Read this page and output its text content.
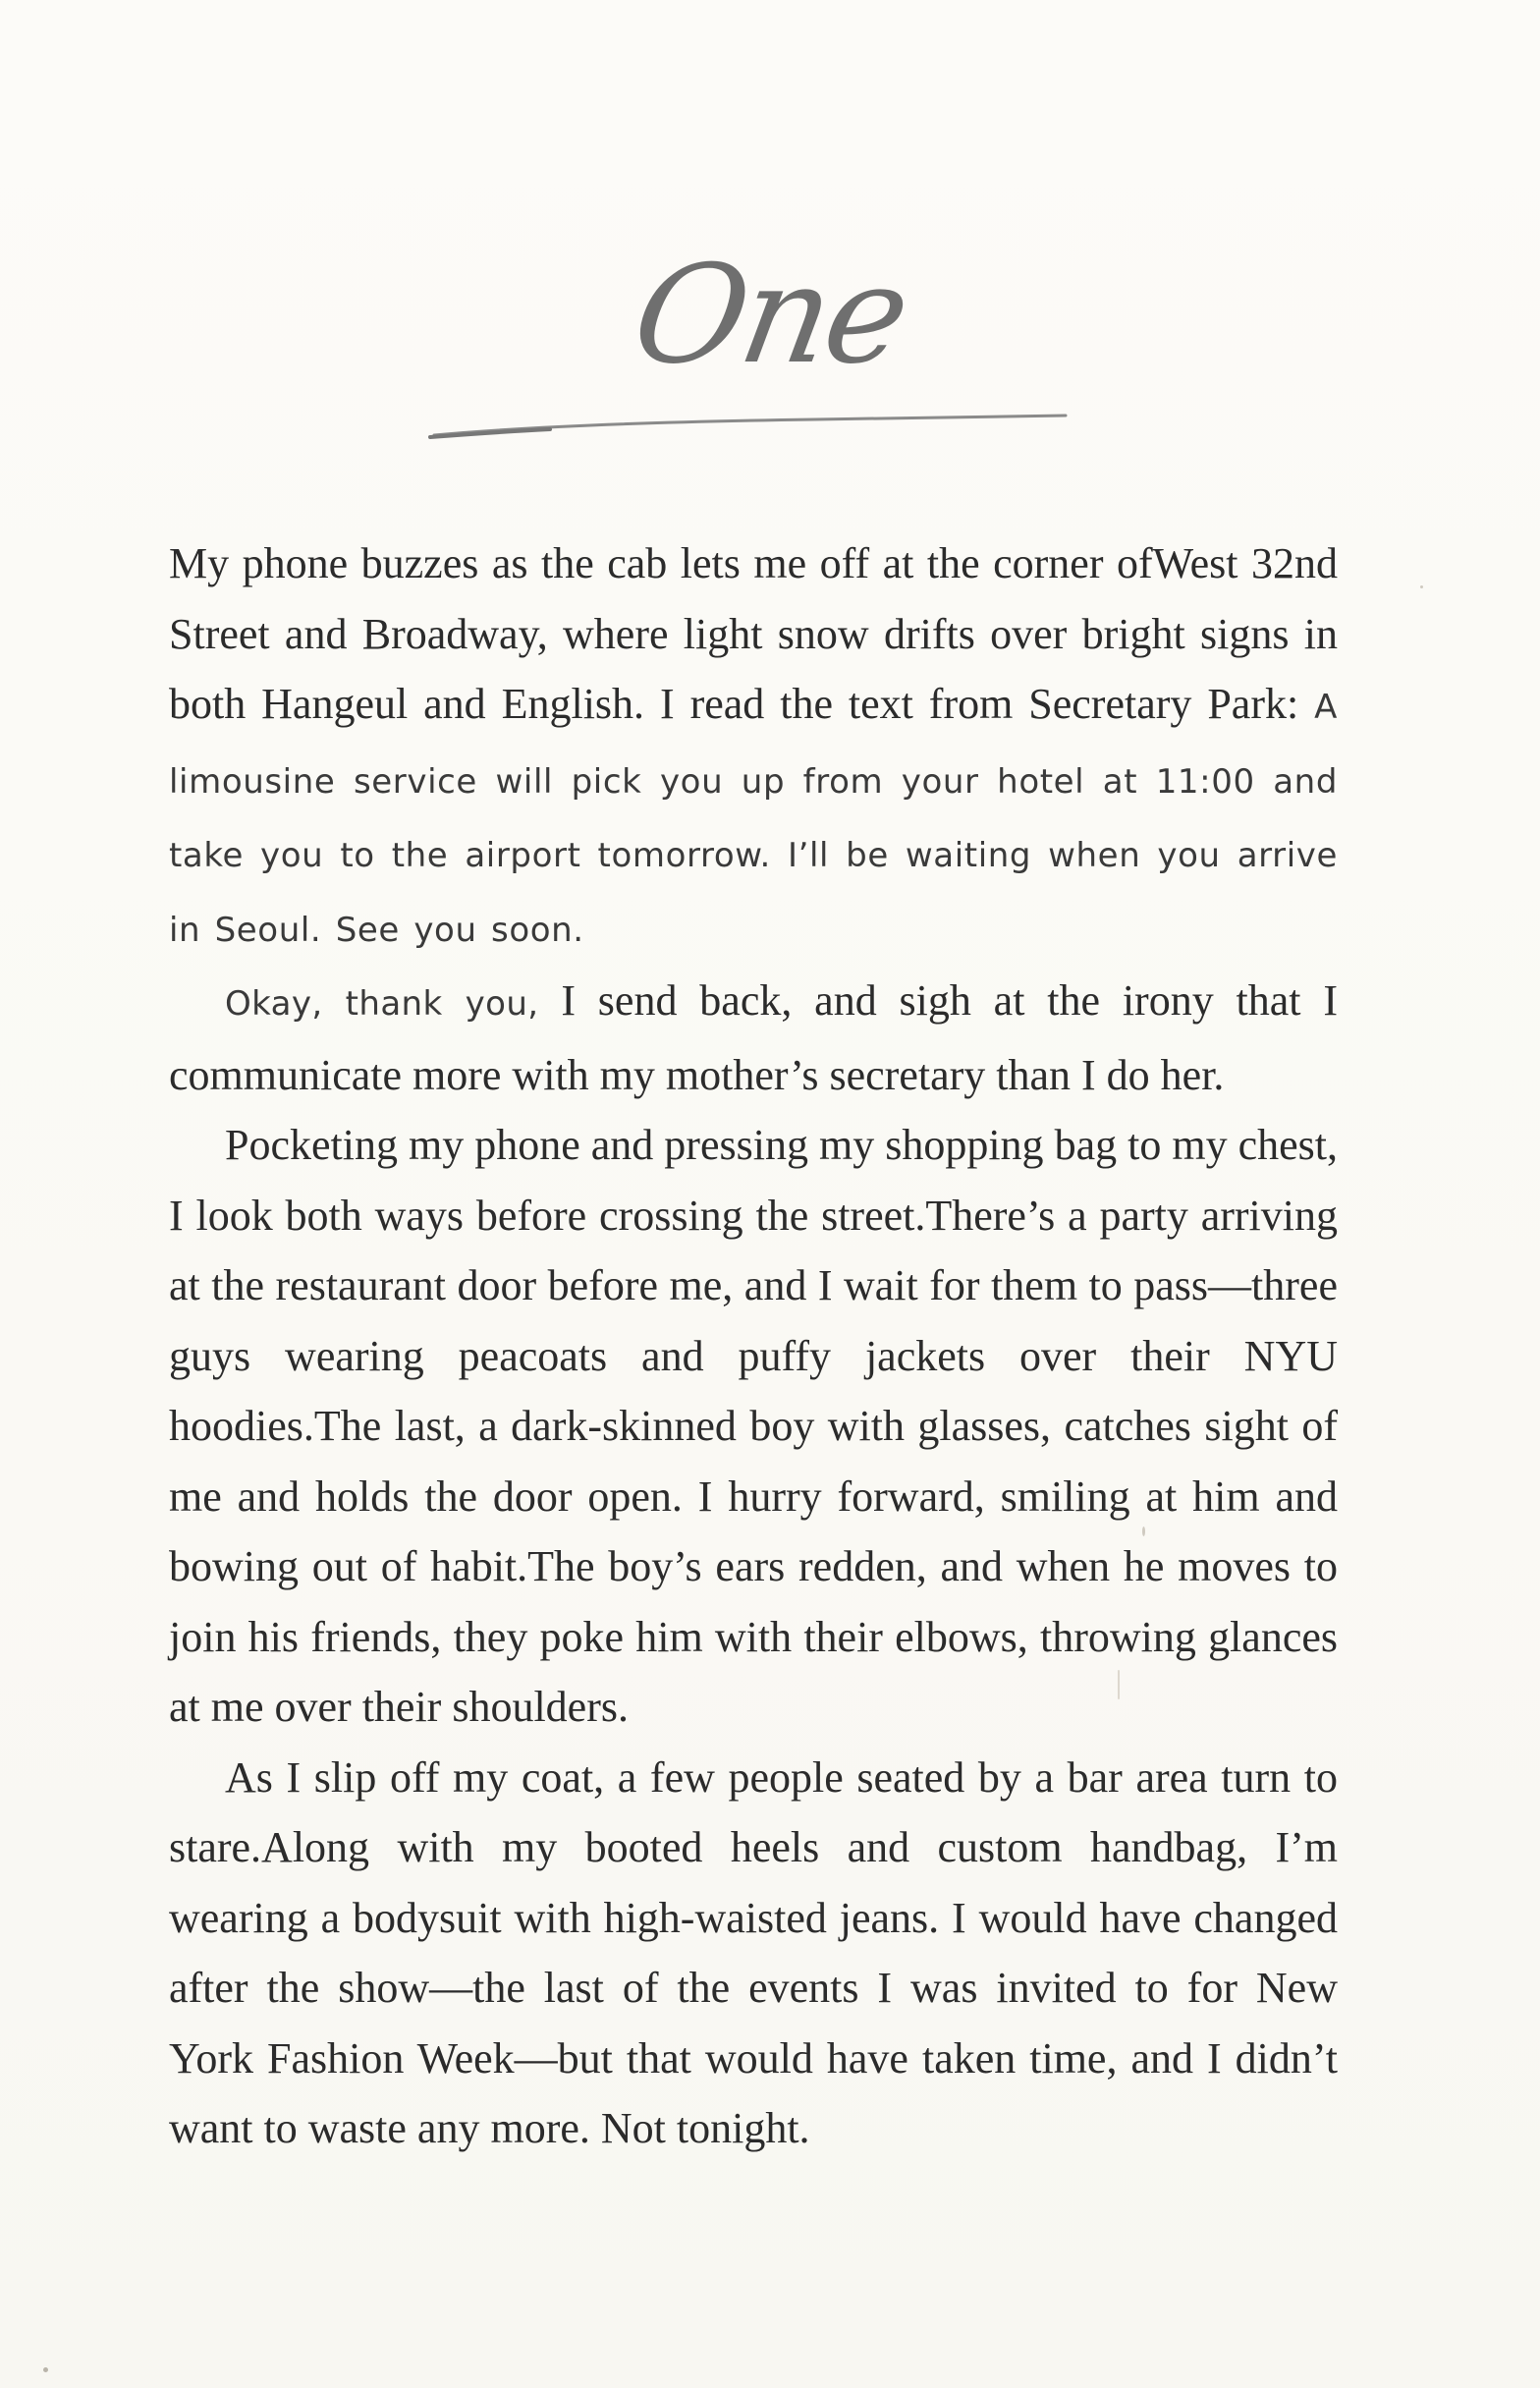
One

My phone buzzes as the cab lets me off at the corner ofWest 32nd Street and Broadway, where light snow drifts over bright signs in both Hangeul and English. I read the text from Secretary Park: A limousine service will pick you up from your hotel at 11:00 and take you to the airport tomorrow. I’ll be waiting when you arrive in Seoul. See you soon.

Okay, thank you, I send back, and sigh at the irony that I communicate more with my mother’s secretary than I do her.

Pocketing my phone and pressing my shopping bag to my chest, I look both ways before crossing the street.There’s a party arriving at the restaurant door before me, and I wait for them to pass—three guys wearing peacoats and puffy jackets over their NYU hoodies.The last, a dark-skinned boy with glasses, catches sight of me and holds the door open. I hurry forward, smiling at him and bowing out of habit.The boy’s ears redden, and when he moves to join his friends, they poke him with their elbows, throwing glances at me over their shoulders.

As I slip off my coat, a few people seated by a bar area turn to stare.Along with my booted heels and custom handbag, I’m wearing a bodysuit with high-waisted jeans. I would have changed after the show—the last of the events I was invited to for New York Fashion Week—but that would have taken time, and I didn’t want to waste any more. Not tonight.
